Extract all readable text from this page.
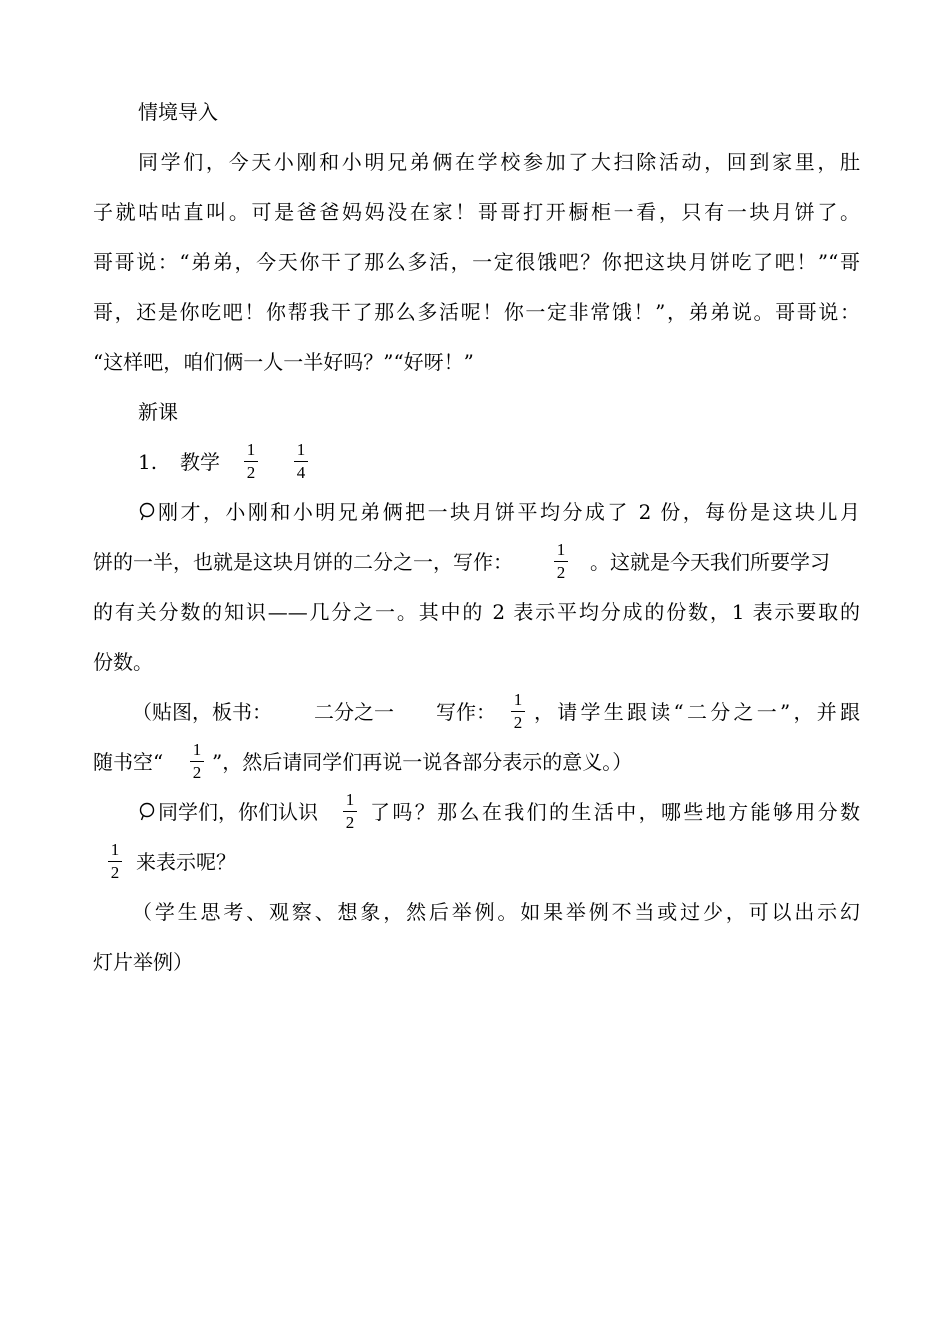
情境导入
同学们，今天小刚和小明兄弟俩在学校参加了大扫除活动，回到家里，肚
子就咕咕直叫。可是爸爸妈妈没在家！哥哥打开橱柜一看，只有一块月饼了。
哥哥说：“弟弟，今天你干了那么多活，一定很饿吧？你把这块月饼吃了吧！”“哥
哥，还是你吃吧！你帮我干了那么多活呢！你一定非常饿！”，弟弟说。哥哥说：
“这样吧，咱们俩一人一半好吗？”“好呀！”
新课
1. 教学
1
2
1
4
刚才，小刚和小明兄弟俩把一块月饼平均分成了 2 份，每份是这块儿月
饼的一半，也就是这块月饼的二分之一，写作：
1
2 。这就是今天我们所要学习
的有关分数的知识——几分之一。其中的 2 表示平均分成的份数，1 表示要取的
份数。
（贴图，板书： 二分之一 写作：
1
2 ，请学生跟读“二分之一”，并跟
随书空“
1
2 ”，然后请同学们再说一说各部分表示的意义。）
同学们，你们认识
1
2 了吗？那么在我们的生活中，哪些地方能够用分数
1
2 来表示呢？
（学生思考、观察、想象，然后举例。如果举例不当或过少，可以出示幻
灯片举例）
